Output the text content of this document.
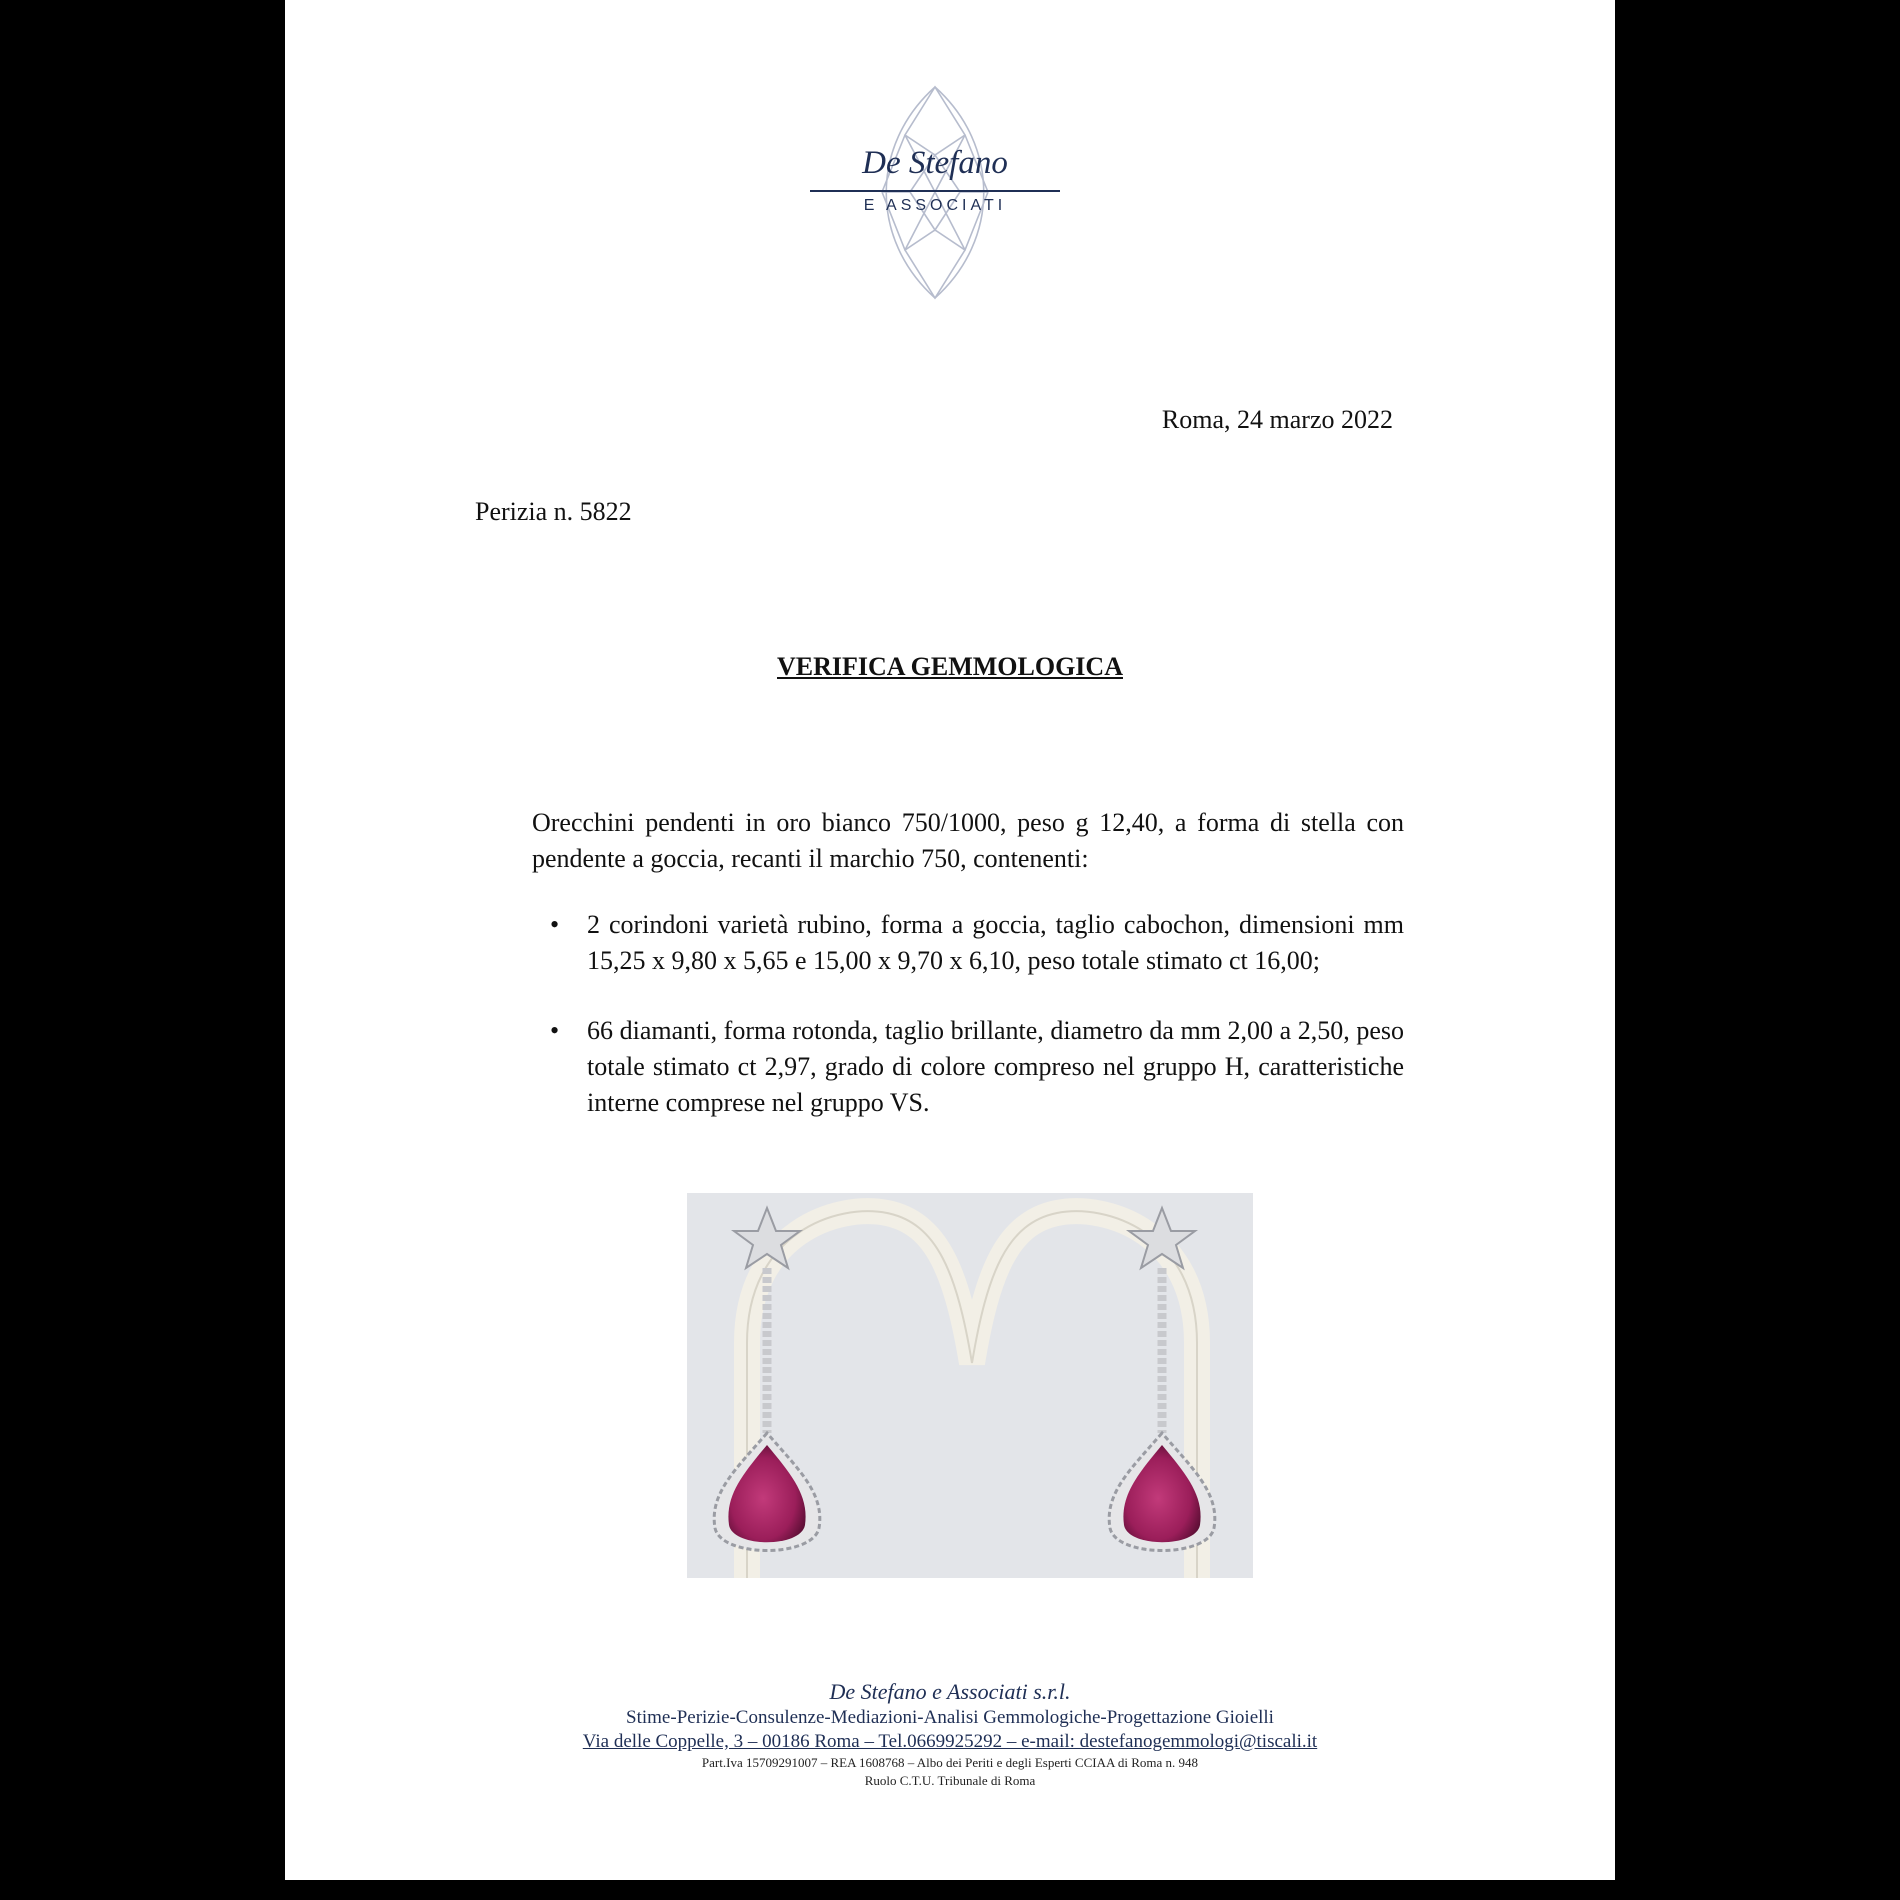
De Stefano
E ASSOCIATI
Roma, 24 marzo 2022
Perizia n. 5822
VERIFICA GEMMOLOGICA

Orecchini pendenti in oro bianco 750/1000, peso g 12,40, a forma di stella con pendente a goccia, recanti il marchio 750, contenenti:

• 2 corindoni varietà rubino, forma a goccia, taglio cabochon, dimensioni mm 15,25 x 9,80 x 5,65 e 15,00 x 9,70 x 6,10, peso totale stimato ct 16,00;
• 66 diamanti, forma rotonda, taglio brillante, diametro da mm 2,00 a 2,50, peso totale stimato ct 2,97, grado di colore compreso nel gruppo H, caratteristiche interne comprese nel gruppo VS.
De Stefano e Associati s.r.l.
Stime-Perizie-Consulenze-Mediazioni-Analisi Gemmologiche-Progettazione Gioielli
Via delle Coppelle, 3 – 00186 Roma – Tel.0669925292 – e-mail: destefanogemmologi@tiscali.it
Part.Iva 15709291007 – REA 1608768 – Albo dei Periti e degli Esperti CCIAA di Roma n. 948
Ruolo C.T.U. Tribunale di Roma
